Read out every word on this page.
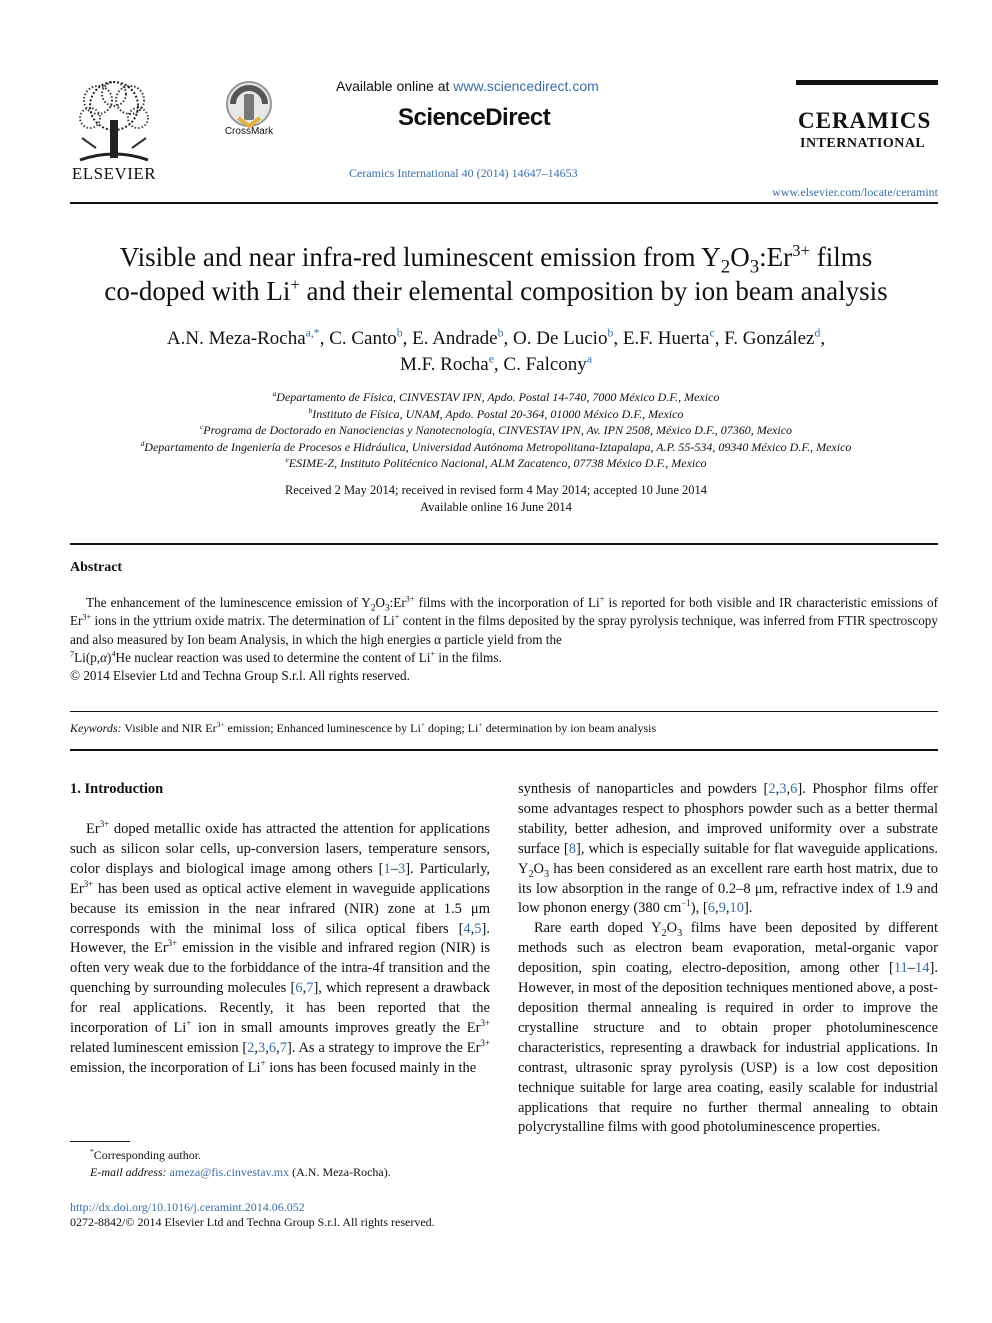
ELSEVIER
CrossMark
Available online at www.sciencedirect.com
ScienceDirect
Ceramics International 40 (2014) 14647–14653
CERAMICS
INTERNATIONAL
www.elsevier.com/locate/ceramint
Visible and near infra-red luminescent emission from $Y_2O_3:Er^{3+}$ films
co-doped with Li+ and their elemental composition by ion beam analysis
A.N. Meza-Rocha$^{a,*}$, C. Canto$^b$, E. Andrade$^b$, O. De Lucio$^b$, E.F. Huerta$^c$, F. González$^d$,
M.F. Rocha$^e$, C. Falcony$^a$
$^a$Departamento de Física, CINVESTAV IPN, Apdo. Postal 14-740, 7000 México D.F., Mexico
$^b$Instituto de Física, UNAM, Apdo. Postal 20-364, 01000 México D.F., Mexico
$^c$Programa de Doctorado en Nanociencias y Nanotecnología, CINVESTAV IPN, Av. IPN 2508, México D.F., 07360, Mexico
$^d$Departamento de Ingeniería de Procesos e Hidráulica, Universidad Autónoma Metropolitana-Iztapalapa, A.P. 55-534, 09340 México D.F., Mexico
$^e$ESIME-Z, Instituto Politécnico Nacional, ALM Zacatenco, 07738 México D.F., Mexico
Received 2 May 2014; received in revised form 4 May 2014; accepted 10 June 2014
Available online 16 June 2014
Abstract
The enhancement of the luminescence emission of $Y_2O_3:Er^{3+}$ films with the incorporation of Li+ is reported for both visible and IR characteristic emissions of $Er^{3+}$ ions in the yttrium oxide matrix. The determination of Li+ content in the films deposited by the spray pyrolysis technique, was inferred from FTIR spectroscopy and also measured by Ion beam Analysis, in which the high energies α particle yield from the
$^7Li(p,\alpha)^4He$ nuclear reaction was used to determine the content of Li+ in the films.
© 2014 Elsevier Ltd and Techna Group S.r.l. All rights reserved.
Keywords: Visible and NIR $Er^{3+}$ emission; Enhanced luminescence by Li+ doping; Li+ determination by ion beam analysis
1. Introduction

$Er^{3+}$ doped metallic oxide has attracted the attention for applications such as silicon solar cells, up-conversion lasers, temperature sensors, color displays and biological image among others [1–3]. Particularly, $Er^{3+}$ has been used as optical active element in waveguide applications because its emission in the near infrared (NIR) zone at 1.5 μm corresponds with the minimal loss of silica optical fibers [4,5]. However, the $Er^{3+}$ emission in the visible and infrared region (NIR) is often very weak due to the forbiddance of the intra-4f transition and the quenching by surrounding molecules [6,7], which represent a drawback for real applications. Recently, it has been reported that the incorporation of Li+ ion in small amounts improves greatly the $Er^{3+}$ related luminescent emission [2,3,6,7]. As a strategy to improve the $Er^{3+}$ emission, the incorporation of Li+ ions has been focused mainly in the

synthesis of nanoparticles and powders [2,3,6]. Phosphor films offer some advantages respect to phosphors powder such as a better thermal stability, better adhesion, and improved uniformity over a substrate surface [8], which is especially suitable for flat waveguide applications. $Y_2O_3$ has been considered as an excellent rare earth host matrix, due to its low absorption in the range of 0.2–8 μm, refractive index of 1.9 and low phonon energy (380 $cm^{-1}$), [6,9,10].

Rare earth doped $Y_2O_3$ films have been deposited by different methods such as electron beam evaporation, metal-organic vapor deposition, spin coating, electro-deposition, among other [11–14]. However, in most of the deposition techniques mentioned above, a post-deposition thermal annealing is required in order to improve the crystalline structure and to obtain proper photoluminescence characteristics, representing a drawback for industrial applications. In contrast, ultrasonic spray pyrolysis (USP) is a low cost deposition technique suitable for large area coating, easily scalable for industrial applications that require no further thermal annealing to obtain polycrystalline films with good photoluminescence properties.

*Corresponding author.
E-mail address: ameza@fis.cinvestav.mx (A.N. Meza-Rocha).
http://dx.doi.org/10.1016/j.ceramint.2014.06.052
0272-8842/© 2014 Elsevier Ltd and Techna Group S.r.l. All rights reserved.
